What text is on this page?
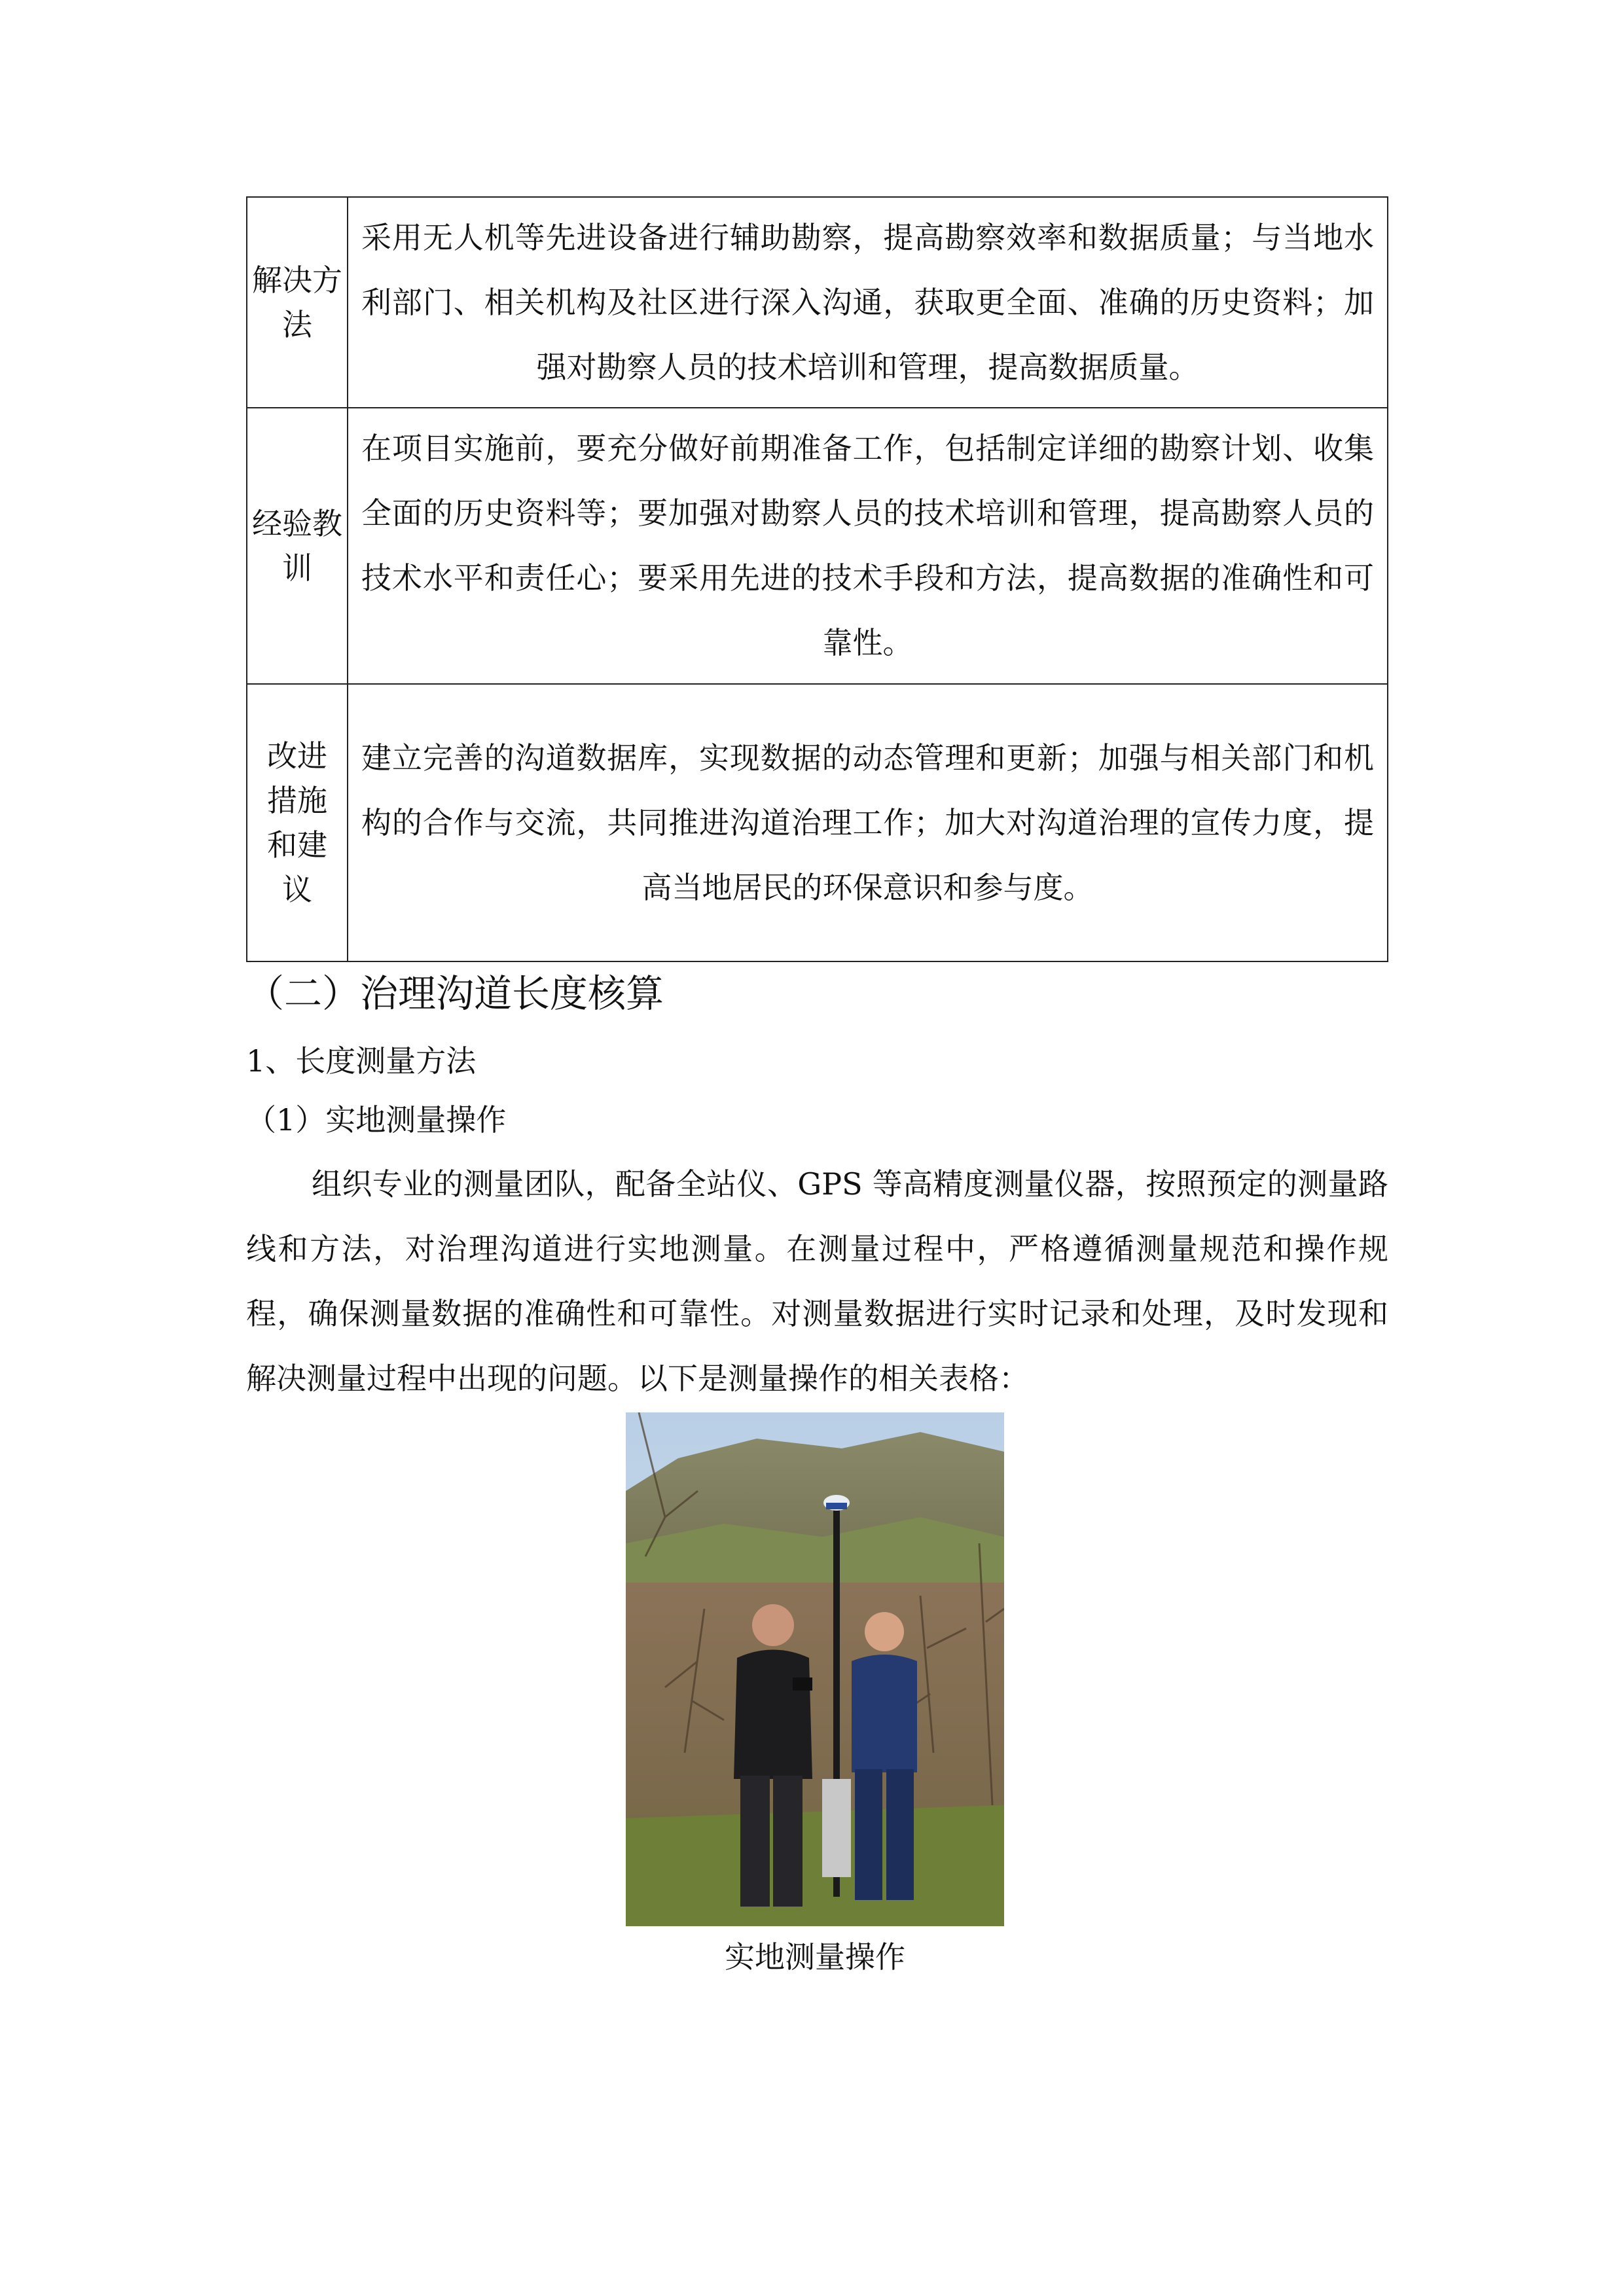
解决方法	采用无人机等先进设备进行辅助勘察，提高勘察效率和数据质量；与当地水利部门、相关机构及社区进行深入沟通，获取更全面、准确的历史资料；加强对勘察人员的技术培训和管理，提高数据质量。
经验教训	在项目实施前，要充分做好前期准备工作，包括制定详细的勘察计划、收集全面的历史资料等；要加强对勘察人员的技术培训和管理，提高勘察人员的技术水平和责任心；要采用先进的技术手段和方法，提高数据的准确性和可靠性。
改进措施和建议	建立完善的沟道数据库，实现数据的动态管理和更新；加强与相关部门和机构的合作与交流，共同推进沟道治理工作；加大对沟道治理的宣传力度，提高当地居民的环保意识和参与度。
（二）治理沟道长度核算
1、长度测量方法
（1）实地测量操作

组织专业的测量团队，配备全站仪、GPS 等高精度测量仪器，按照预定的测量路线和方法，对治理沟道进行实地测量。在测量过程中，严格遵循测量规范和操作规程，确保测量数据的准确性和可靠性。对测量数据进行实时记录和处理，及时发现和解决测量过程中出现的问题。以下是测量操作的相关表格：

实地测量操作
